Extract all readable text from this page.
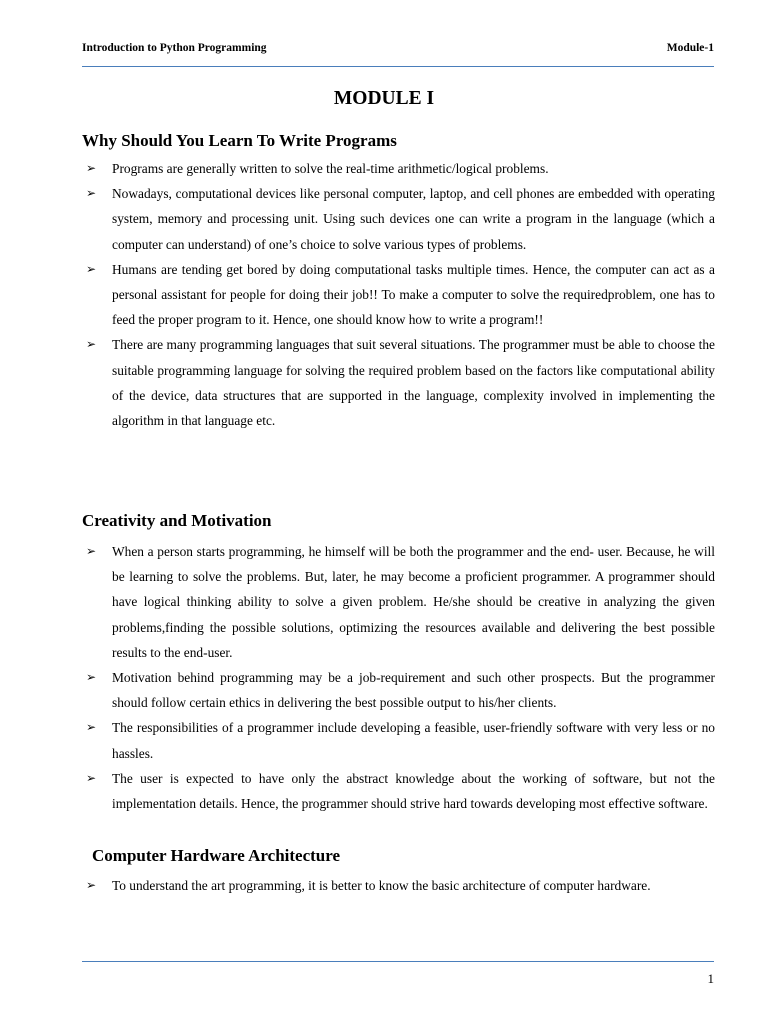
Introduction to Python Programming	Module-1
MODULE I
Why Should You Learn To Write Programs
➢ Programs are generally written to solve the real-time arithmetic/logical problems.
➢ Nowadays, computational devices like personal computer, laptop, and cell phones are embedded with operating system, memory and processing unit. Using such devices one can write a program in the language (which a computer can understand) of one’s choice to solve various types of problems.
➢ Humans are tending get bored by doing computational tasks multiple times. Hence, the computer can act as a personal assistant for people for doing their job!! To make a computer to solve the requiredproblem, one has to feed the proper program to it. Hence, one should know how to write a program!!
➢ There are many programming languages that suit several situations. The programmer must be able to choose the suitable programming language for solving the required problem based on the factors like computational ability of the device, data structures that are supported in the language, complexity involved in implementing the algorithm in that language etc.
Creativity and Motivation
➢ When a person starts programming, he himself will be both the programmer and the end- user. Because, he will be learning to solve the problems. But, later, he may become a proficient programmer. A programmer should have logical thinking ability to solve a given problem. He/she should be creative in analyzing the given problems,finding the possible solutions, optimizing the resources available and delivering the best possible results to the end-user.
➢ Motivation behind programming may be a job-requirement and such other prospects. But the programmer should follow certain ethics in delivering the best possible output to his/her clients.
➢ The responsibilities of a programmer include developing a feasible, user-friendly software with very less or no hassles.
➢ The user is expected to have only the abstract knowledge about the working of software, but not the implementation details. Hence, the programmer should strive hard towards developing most effective software.
Computer Hardware Architecture
➢ To understand the art programming, it is better to know the basic architecture of computer hardware.
1
